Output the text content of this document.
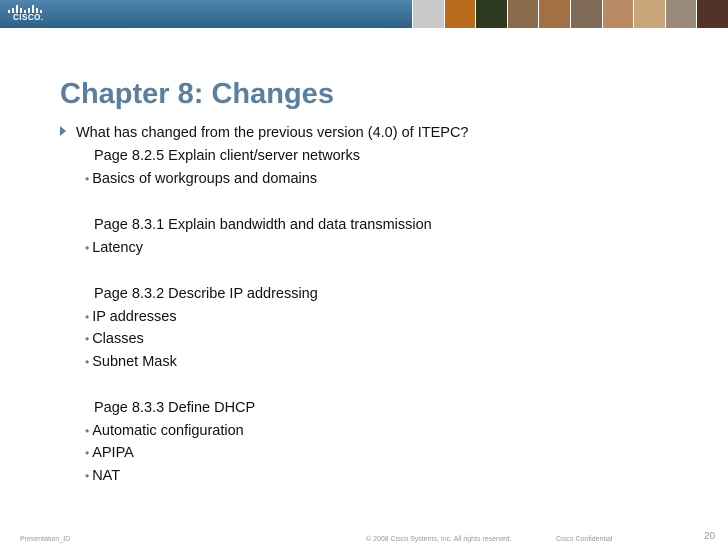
CISCO.
Chapter 8: Changes
What has changed from the previous version (4.0) of ITEPC?
Page 8.2.5 Explain client/server networks
• Basics of workgroups and domains
Page 8.3.1 Explain bandwidth and data transmission
• Latency
Page 8.3.2 Describe IP addressing
• IP addresses
• Classes
• Subnet Mask
Page 8.3.3 Define DHCP
• Automatic configuration
• APIPA
• NAT
Presentation_ID	© 2008 Cisco Systems, Inc. All rights reserved.	Cisco Confidential	20
